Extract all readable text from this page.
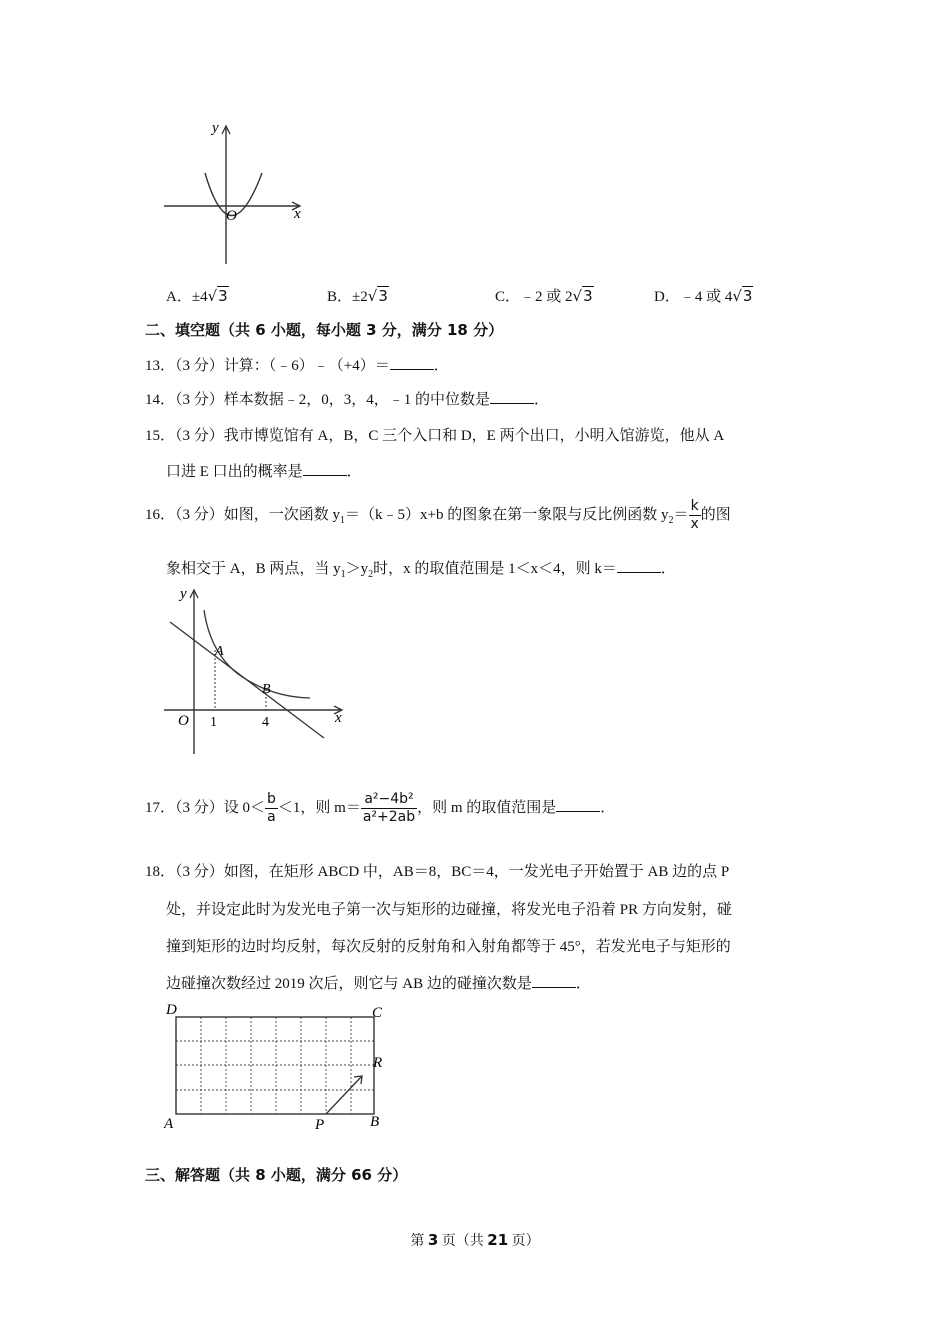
y
x
O
A．±4√3	B．±2√3	C．﹣2 或 2√3	D．﹣4 或 4√3
二、填空题（共 6 小题，每小题 3 分，满分 18 分）
13．（3 分）计算：（﹣6）﹣（+4）＝	．
14．（3 分）样本数据﹣2，0，3，4，﹣1 的中位数是	．
15．（3 分）我市博览馆有 A，B，C 三个入口和 D，E 两个出口，小明入馆游览，他从 A
口进 E 口出的概率是	．
16．（3 分）如图，一次函数 $y_1=(k﹣5)x+b$ 的图象在第一象限与反比例函数 $y_2= \frac{k}{x}$ 的图
象相交于 A，B 两点，当 $y_1>y_2$时，x 的取值范围是 1＜x＜4，则 k＝	．
y
x
O
A
B
1	4
17．（3 分）设 $0< \frac{b}{a} <1$，则 $m= \frac{\text{a²−4b²}}{\text{a²+2ab}}$ ，则 m 的取值范围是	．
18．（3 分）如图，在矩形 ABCD 中，AB＝8，BC＝4，一发光电子开始置于 AB 边的点 P
处，并设定此时为发光电子第一次与矩形的边碰撞，将发光电子沿着 PR 方向发射，碰
撞到矩形的边时均反射，每次反射的反射角和入射角都等于 45°，若发光电子与矩形的
边碰撞次数经过 2019 次后，则它与 AB 边的碰撞次数是	．
D	C
A	B
P
R
三、解答题（共 8 小题，满分 66 分）
第 3 页（共 21 页）
